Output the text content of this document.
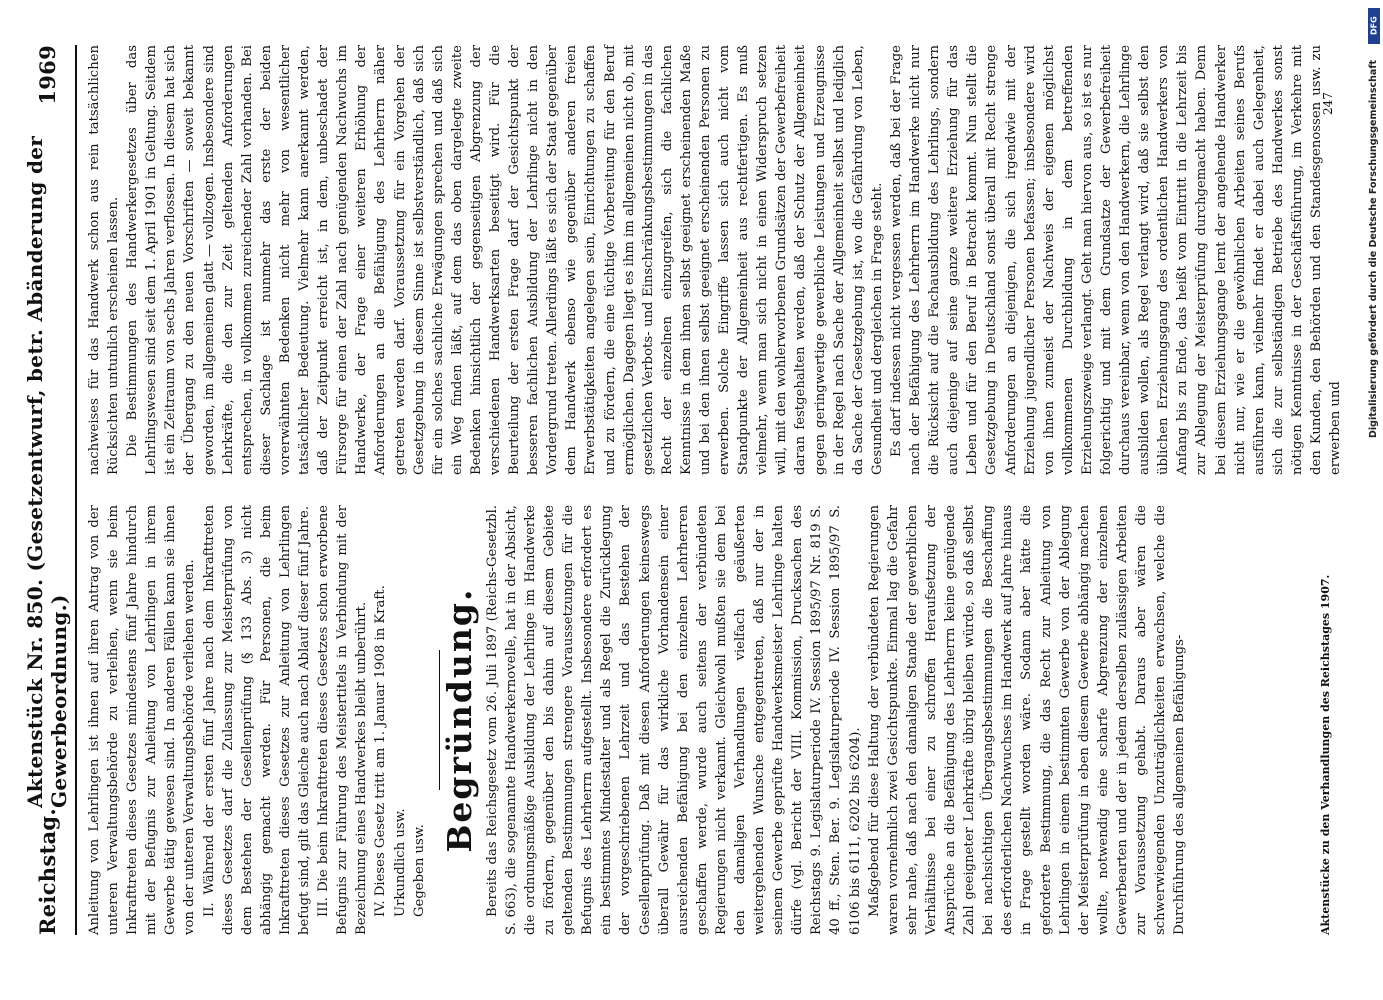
Reichstag.
Aktenstück Nr. 850. (Gesetzentwurf, betr. Abänderung der Gewerbeordnung.)
1969

Anleitung von Lehrlingen ist ihnen auf ihren Antrag von der unteren Verwaltungsbehörde zu verleihen, wenn sie beim Inkrafttreten dieses Gesetzes mindestens fünf Jahre hindurch mit der Befugnis zur Anleitung von Lehrlingen in ihrem Gewerbe tätig gewesen sind. In anderen Fällen kann sie ihnen von der unteren Verwaltungsbehörde verliehen werden. II. Während der ersten fünf Jahre nach dem Inkrafttreten dieses Gesetzes darf die Zulassung zur Meisterprüfung von dem Bestehen der Gesellenprüfung (§ 133 Abs. 3) nicht abhängig gemacht werden. Für Personen, die beim Inkrafttreten dieses Gesetzes zur Anleitung von Lehrlingen befugt sind, gilt das Gleiche auch nach Ablauf dieser fünf Jahre. III. Die beim Inkrafttreten dieses Gesetzes schon erworbene Befugnis zur Führung des Meistertitels in Verbindung mit der Bezeichnung eines Handwerkes bleibt unberührt. IV. Dieses Gesetz tritt am 1. Januar 1908 in Kraft. Urkundlich usw. Gegeben usw.

Begründung. Bereits das Reichsgesetz vom 26. Juli 1897 (Reichs-Gesetzbl. S. 663), die sogenannte Handwerkernovelle, hat in der Absicht, die ordnungsmäßige Ausbildung der Lehrlinge im Handwerke zu fördern, gegenüber den bis dahin auf diesem Gebiete geltenden Bestimmungen strengere Voraussetzungen für die Befugnis des Lehrherrn aufgestellt. Insbesondere erfordert es ein bestimmtes Mindestalter und als Regel die Zurücklegung der vorgeschriebenen Lehrzeit und das Bestehen der Gesellenprüfung. Daß mit diesen Anforderungen keineswegs überall Gewähr für das wirkliche Vorhandensein einer ausreichenden Befähigung bei den einzelnen Lehrherren geschaffen werde, wurde auch seitens der verbündeten Regierungen nicht verkannt. Gleichwohl mußten sie dem bei den damaligen Verhandlungen vielfach geäußerten weitergehenden Wunsche entgegentreten, daß nur der in seinem Gewerbe geprüfte Handwerksmeister Lehrlinge halten dürfe (vgl. Bericht der VIII. Kommission, Drucksachen des Reichstags 9. Legislaturperiode IV. Session 1895/97 Nr. 819 S. 40 ff., Sten. Ber. 9. Legislaturperiode IV. Session 1895/97 S. 6106 bis 6111, 6202 bis 6204). Maßgebend für diese Haltung der verbündeten Regierungen waren vornehmlich zwei Gesichtspunkte. Einmal lag die Gefahr sehr nahe, daß nach den damaligen Stande der gewerblichen Verhältnisse bei einer zu schroffen Heraufsetzung der Ansprüche an die Befähigung des Lehrherrn keine genügende Zahl geeigneter Lehrkräfte übrig bleiben würde, so daß selbst bei nachsichtigen Übergangsbestimmungen die Beschaffung des erforderlichen Nachwuchses im Handwerk auf Jahre hinaus in Frage gestellt worden wäre. Sodann aber hätte die geforderte Bestimmung, die das Recht zur Anleitung von Lehrlingen in einem bestimmten Gewerbe von der Ablegung der Meisterprüfung in eben diesem Gewerbe abhängig machen wollte, notwendig eine scharfe Abgrenzung der einzelnen Gewerbearten und der in jedem derselben zulässigen Arbeiten zur Voraussetzung gehabt. Daraus aber wären die schwerwiegenden Unzuträglichkeiten erwachsen, welche die Durchführung des allgemeinen Befähigungs-

nachweises für das Handwerk schon aus rein tatsächlichen Rücksichten untunlich erscheinen lassen. Die Bestimmungen des Handwerkergesetzes über das Lehrlingswesen sind seit dem 1. April 1901 in Geltung. Seitdem ist ein Zeitraum von sechs Jahren verflossen. In diesem hat sich der Übergang zu den neuen Vorschriften — soweit bekannt geworden, im allgemeinen glatt — vollzogen. Insbesondere sind Lehrkräfte, die den zur Zeit geltenden Anforderungen entsprechen, in vollkommen zureichender Zahl vorhanden. Bei dieser Sachlage ist nunmehr das erste der beiden vorerwähnten Bedenken nicht mehr von wesentlicher tatsächlicher Bedeutung. Vielmehr kann anerkannt werden, daß der Zeitpunkt erreicht ist, in dem, unbeschadet der Fürsorge für einen der Zahl nach genügenden Nachwuchs im Handwerke, der Frage einer weiteren Erhöhung der Anforderungen an die Befähigung des Lehrherrn näher getreten werden darf. Voraussetzung für ein Vorgehen der Gesetzgebung in diesem Sinne ist selbstverständlich, daß sich für ein solches sachliche Erwägungen sprechen und daß sich ein Weg finden läßt, auf dem das oben dargelegte zweite Bedenken hinsichtlich der gegenseitigen Abgrenzung der verschiedenen Handwerksarten beseitigt wird. Für die Beurteilung der ersten Frage darf der Gesichtspunkt der besseren fachlichen Ausbildung der Lehrlinge nicht in den Vordergrund treten. Allerdings läßt es sich der Staat gegenüber dem Handwerk ebenso wie gegenüber anderen freien Erwerbstätigkeiten angelegen sein, Einrichtungen zu schaffen und zu fördern, die eine tüchtige Vorbereitung für den Beruf ermöglichen. Dagegen liegt es ihm im allgemeinen nicht ob, mit gesetzlichen Verbots- und Einschränkungsbestimmungen in das Recht der einzelnen einzugreifen, sich die fachlichen Kenntnisse in dem ihnen selbst geeignet erscheinenden Maße und bei den ihnen selbst geeignet erscheinenden Personen zu erwerben. Solche Eingriffe lassen sich auch nicht vom Standpunkte der Allgemeinheit aus rechtfertigen. Es muß vielmehr, wenn man sich nicht in einen Widerspruch setzen will, mit den wohlerworbenen Grundsätzen der Gewerbefreiheit daran festgehalten werden, daß der Schutz der Allgemeinheit gegen geringwertige gewerbliche Leistungen und Erzeugnisse in der Regel nach Sache der Allgemeinheit selbst und lediglich da Sache der Gesetzgebung ist, wo die Gefährdung von Leben, Gesundheit und dergleichen in Frage steht. Es darf indessen nicht vergessen werden, daß bei der Frage nach der Befähigung des Lehrherrn im Handwerke nicht nur die Rücksicht auf die Fachausbildung des Lehrlings, sondern auch diejenige auf seine ganze weitere Erziehung für das Leben und für den Beruf in Betracht kommt. Nun stellt die Gesetzgebung in Deutschland sonst überall mit Recht strenge Anforderungen an diejenigen, die sich irgendwie mit der Erziehung jugendlicher Personen befassen; insbesondere wird von ihnen zumeist der Nachweis der eigenen möglichst vollkommenen Durchbildung in dem betreffenden Erziehungszweige verlangt. Geht man hiervon aus, so ist es nur folgerichtig und mit dem Grundsatze der Gewerbefreiheit durchaus vereinbar, wenn von den Handwerkern, die Lehrlinge ausbilden wollen, als Regel verlangt wird, daß sie selbst den üblichen Erziehungsgang des ordentlichen Handwerkers von Anfang bis zu Ende, das heißt vom Eintritt in die Lehrzeit bis zur Ablegung der Meisterprüfung durchgemacht haben. Denn bei diesem Erziehungsgange lernt der angehende Handwerker nicht nur, wie er die gewöhnlichen Arbeiten seines Berufs ausführen kann, vielmehr findet er dabei auch Gelegenheit, sich die zur selbständigen Betriebe des Handwerkes sonst nötigen Kenntnisse in der Geschäftsführung, im Verkehre mit den Kunden, den Behörden und den Standesgenossen usw. zu erwerben und

Aktenstücke zu den Verhandlungen des Reichstages 1907.
247
DFG
Digitalisierung gefördert durch die Deutsche Forschungsgemeinschaft
